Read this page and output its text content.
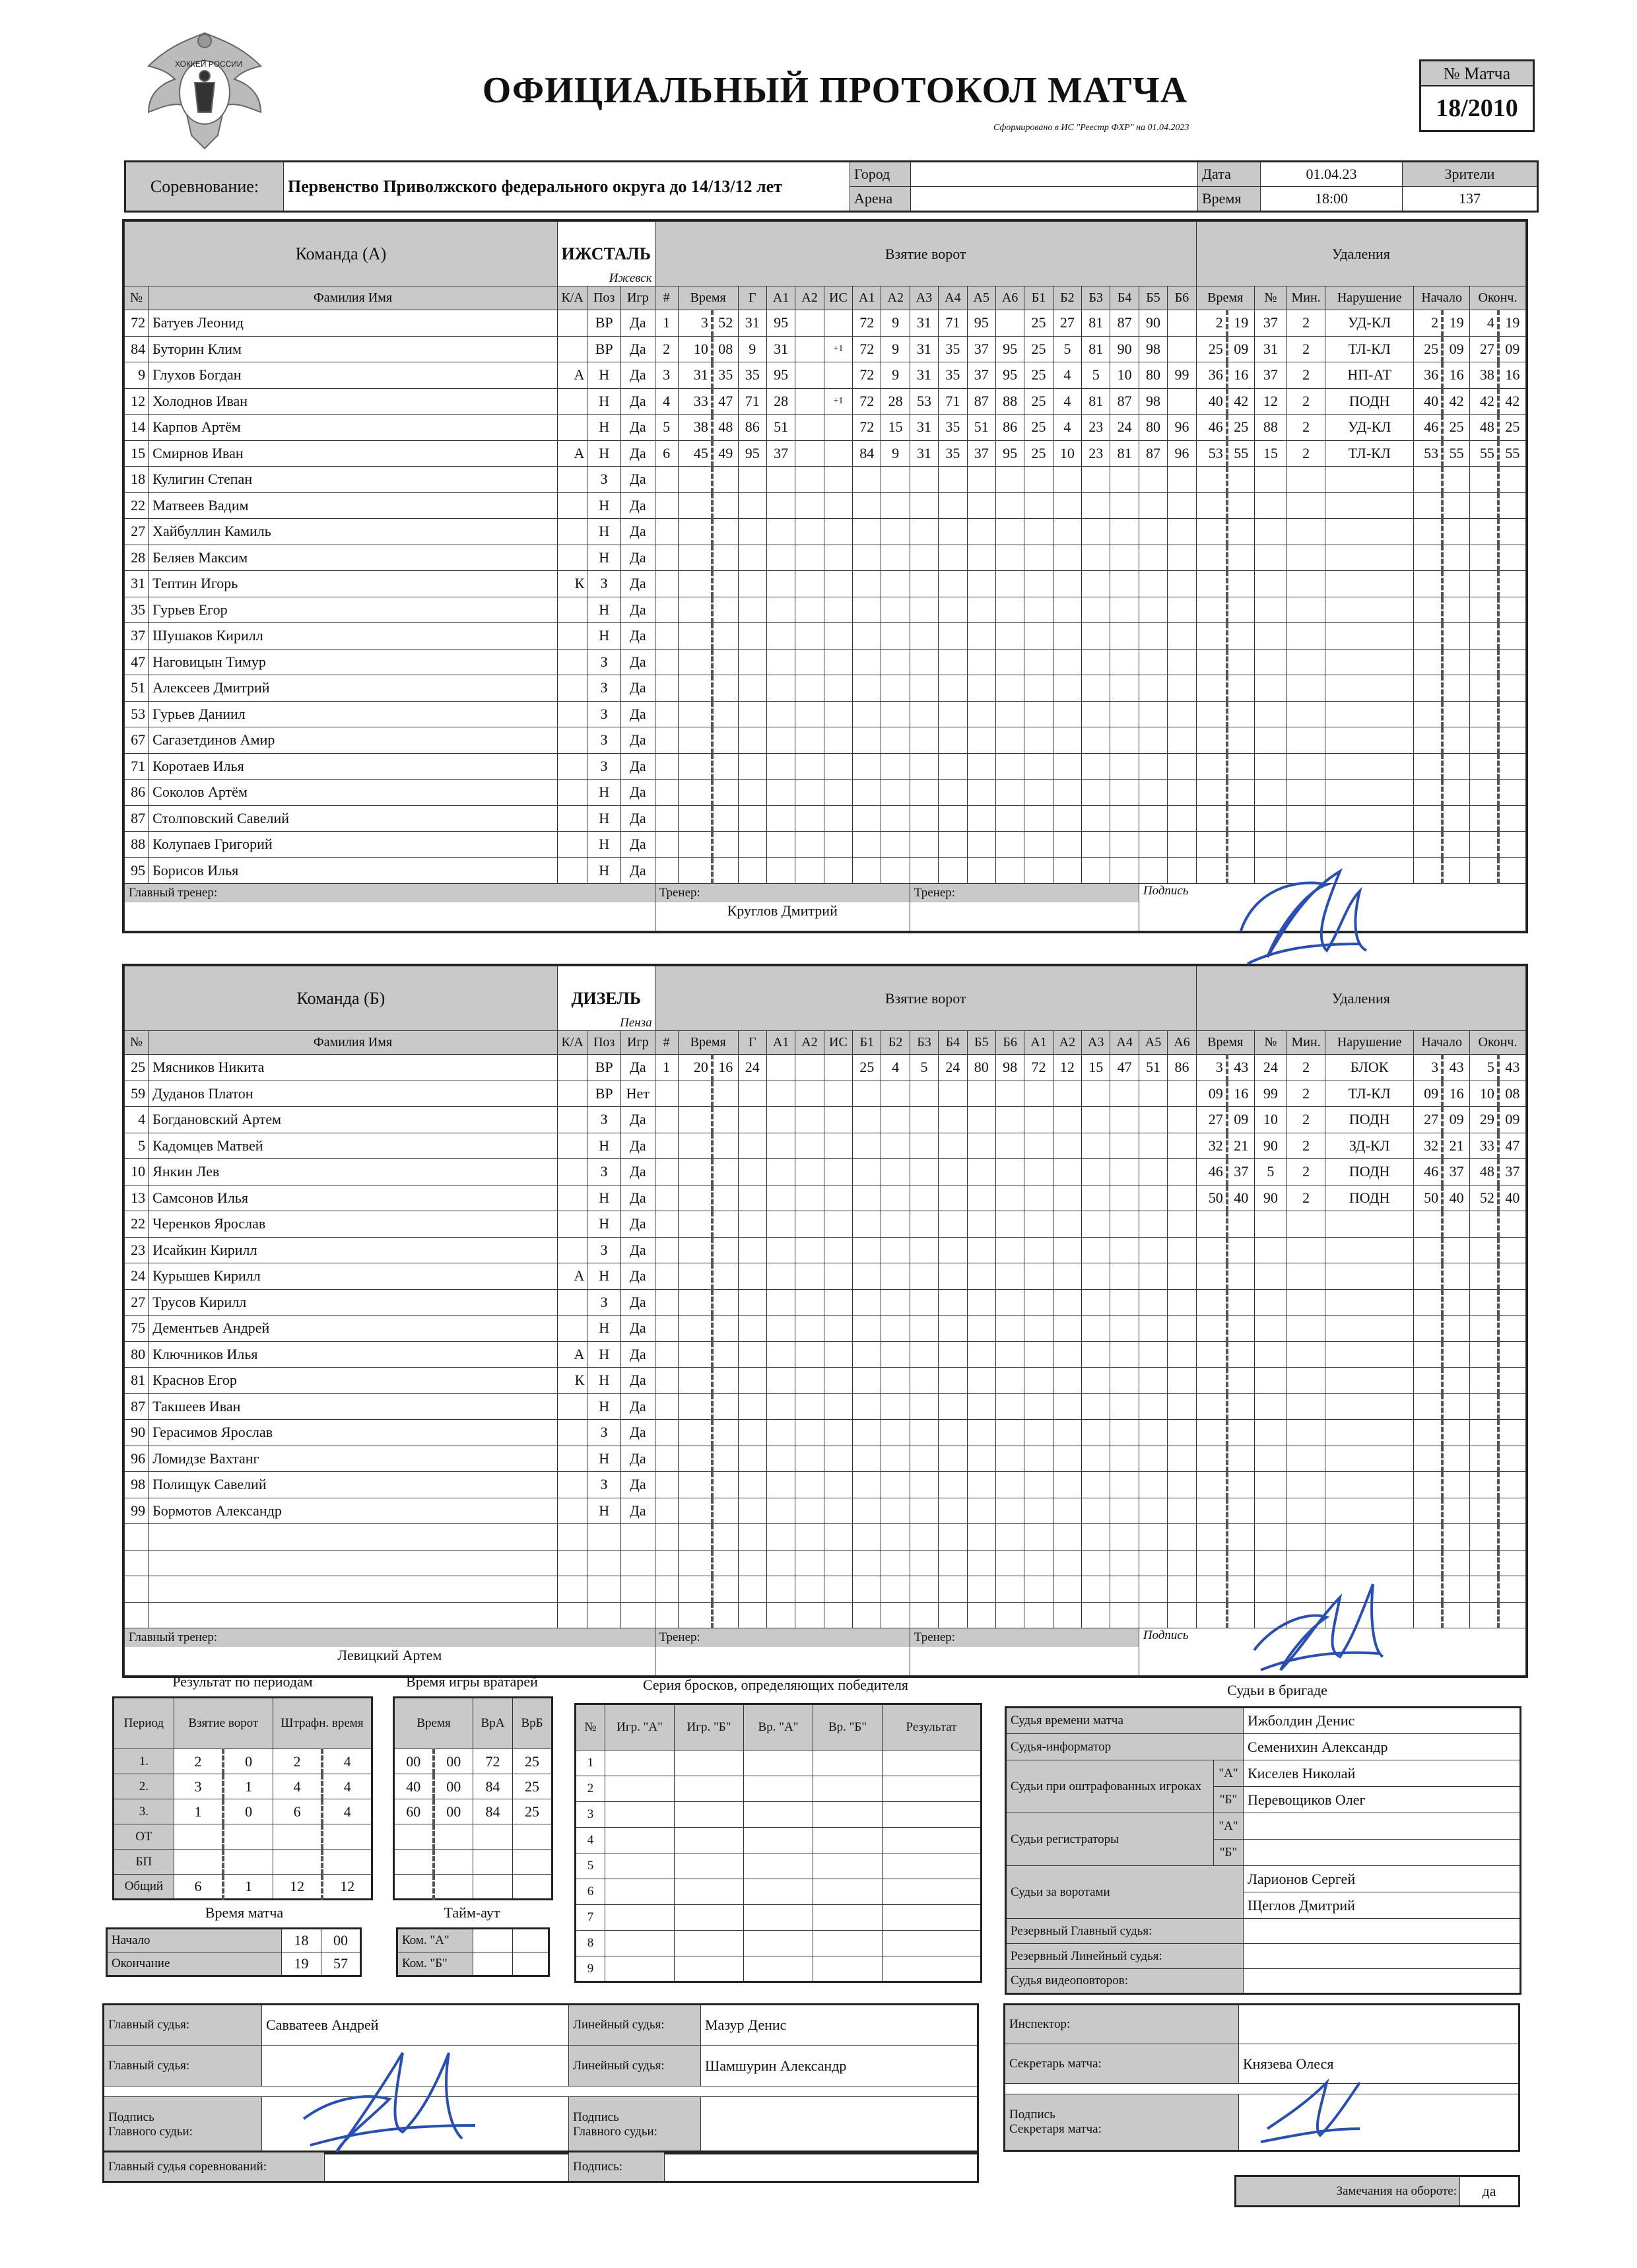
ХОККЕЙ РОССИИ
ОФИЦИАЛЬНЫЙ ПРОТОКОЛ МАТЧА
Сформировано в ИС "Реестр ФХР" на 01.04.2023
№ Матча
18/2010
Соревнование:	Первенство Приволжского федерального округа до 14/13/12 лет	Город		Дата	01.04.23	Зрители
		Арена		Время	18:00	137
Команда (А)		ИЖСТАЛЬ
Ижевск			Взятие ворот																			Удаления								
№	Фамилия Имя	К/А	Поз	Игр	#	Время		Г	А1	А2	ИС	А1	А2	А3	А4	А5	А6	Б1	Б2	Б3	Б4	Б5	Б6	Время		№	Мин.	Нарушение	Начало		Оконч.	
72	Батуев Леонид		ВР	Да	1	3	52	31	95			72	9	31	71	95		25	27	81	87	90		2	19	37	2	УД-КЛ	2	19	4	19
84	Буторин Клим		ВР	Да	2	10	08	9	31		+1	72	9	31	35	37	95	25	5	81	90	98		25	09	31	2	ТЛ-КЛ	25	09	27	09
9	Глухов Богдан	А	Н	Да	3	31	35	35	95			72	9	31	35	37	95	25	4	5	10	80	99	36	16	37	2	НП-АТ	36	16	38	16
12	Холоднов Иван		Н	Да	4	33	47	71	28		+1	72	28	53	71	87	88	25	4	81	87	98		40	42	12	2	ПОДН	40	42	42	42
14	Карпов Артём		Н	Да	5	38	48	86	51			72	15	31	35	51	86	25	4	23	24	80	96	46	25	88	2	УД-КЛ	46	25	48	25
15	Смирнов Иван	А	Н	Да	6	45	49	95	37			84	9	31	35	37	95	25	10	23	81	87	96	53	55	15	2	ТЛ-КЛ	53	55	55	55
18	Кулигин Степан		З	Да																												
22	Матвеев Вадим		Н	Да																												
27	Хайбуллин Камиль		Н	Да																												
28	Беляев Максим		Н	Да																												
31	Тептин Игорь	К	З	Да																												
35	Гурьев Егор		Н	Да																												
37	Шушаков Кирилл		Н	Да																												
47	Наговицын Тимур		З	Да																												
51	Алексеев Дмитрий		З	Да																												
53	Гурьев Даниил		З	Да																												
67	Сагазетдинов Амир		З	Да																												
71	Коротаев Илья		З	Да																												
86	Соколов Артём		Н	Да																												
87	Столповский Савелий		Н	Да																												
88	Колупаев Григорий		Н	Да																												
95	Борисов Илья		Н	Да																												

Главный тренер:					Тренер:
Круглов Дмитрий									Тренер:								Подпись										
Команда (Б)		ДИЗЕЛЬ
Пенза			Взятие ворот																			Удаления								
№	Фамилия Имя	К/А	Поз	Игр	#	Время		Г	А1	А2	ИС	Б1	Б2	Б3	Б4	Б5	Б6	А1	А2	А3	А4	А5	А6	Время		№	Мин.	Нарушение	Начало		Оконч.	
25	Мясников Никита		ВР	Да	1	20	16	24				25	4	5	24	80	98	72	12	15	47	51	86	3	43	24	2	БЛОК	3	43	5	43
59	Дуданов Платон		ВР	Нет																				09	16	99	2	ТЛ-КЛ	09	16	10	08
4	Богдановский Артем		З	Да																				27	09	10	2	ПОДН	27	09	29	09
5	Кадомцев Матвей		Н	Да																				32	21	90	2	ЗД-КЛ	32	21	33	47
10	Янкин Лев		З	Да																				46	37	5	2	ПОДН	46	37	48	37
13	Самсонов Илья		Н	Да																				50	40	90	2	ПОДН	50	40	52	40
22	Черенков Ярослав		Н	Да																												
23	Исайкин Кирилл		З	Да																												
24	Курышев Кирилл	А	Н	Да																												
27	Трусов Кирилл		З	Да																												
75	Дементьев Андрей		Н	Да																												
80	Ключников Илья	А	Н	Да																												
81	Краснов Егор	К	Н	Да																												
87	Такшеев Иван		Н	Да																												
90	Герасимов Ярослав		З	Да																												
96	Ломидзе Вахтанг		Н	Да																												
98	Полищук Савелий		З	Да																												
99	Бормотов Александр		Н	Да																												

Главный тренер:
Левицкий Артем					Тренер:									Тренер:								Подпись										
Результат по периодам
Период	Взятие ворот		Штрафн. время	
1.	2	0	2	4
2.	3	1	4	4
3.	1	0	6	4
ОТ				
БП				
Общий	6	1	12	12
Время игры вратарей
Время		ВрА	ВрБ
00	00	72	25
40	00	84	25
60	00	84	25

Время матча
Начало	18	00
Окончание	19	57
Тайм-аут
Ком. "А"		
Ком. "Б"		
Серия бросков, определяющих победителя
№	Игр. "А"	Игр. "Б"	Вр. "А"	Вр. "Б"	Результат
1					
2					
3					
4					
5					
6					
7					
8					
9					
Судьи в бригаде
Судья времени матча		Ижболдин Денис
Судья-информатор		Семенихин Александр
Судьи при оштрафованных игроках	"А"	Киселев Николай
	"Б"	Перевощиков Олег
Судьи регистраторы	"А"	
	"Б"	
Судьи за воротами		Ларионов Сергей
		Щеглов Дмитрий
Резервный Главный судья:		
Резервный Линейный судья:		
Судья видеоповторов:		
Главный судья:	Савватеев Андрей	Линейный судья:	Мазур Денис
Главный судья:		Линейный судья:	Шамшурин Александр

Подпись
Главного судьи:		Подпись
Главного судьи:	
Главный судья соревнований:		Подпись:	
Инспектор:	
Секретарь матча:	Князева Олеся

Подпись
Секретаря матча:	
Замечания на обороте:	да
